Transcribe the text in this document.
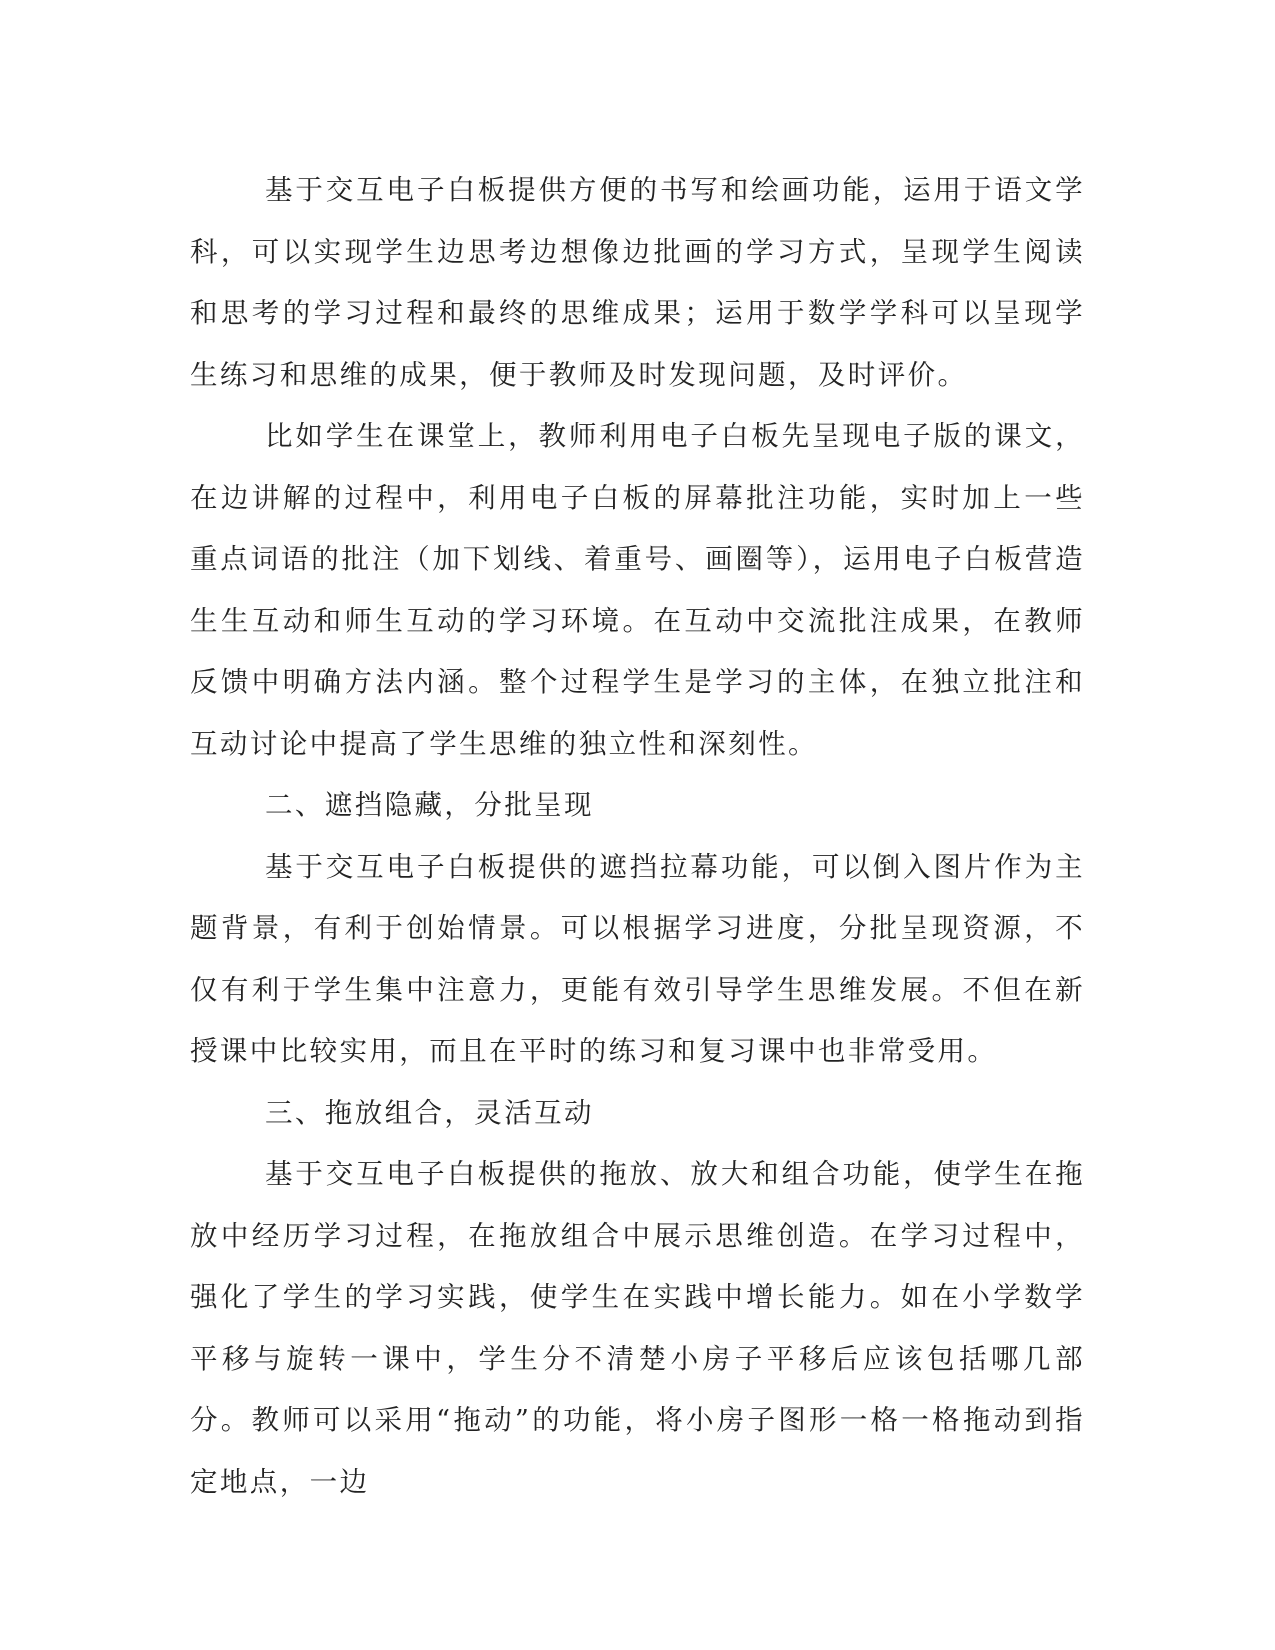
基于交互电子白板提供方便的书写和绘画功能，运用于语文学科，可以实现学生边思考边想像边批画的学习方式，呈现学生阅读和思考的学习过程和最终的思维成果；运用于数学学科可以呈现学生练习和思维的成果，便于教师及时发现问题，及时评价。

比如学生在课堂上，教师利用电子白板先呈现电子版的课文，在边讲解的过程中，利用电子白板的屏幕批注功能，实时加上一些重点词语的批注（加下划线、着重号、画圈等），运用电子白板营造生生互动和师生互动的学习环境。在互动中交流批注成果，在教师反馈中明确方法内涵。整个过程学生是学习的主体，在独立批注和互动讨论中提高了学生思维的独立性和深刻性。

二、遮挡隐藏，分批呈现

基于交互电子白板提供的遮挡拉幕功能，可以倒入图片作为主题背景，有利于创始情景。可以根据学习进度，分批呈现资源，不仅有利于学生集中注意力，更能有效引导学生思维发展。不但在新授课中比较实用，而且在平时的练习和复习课中也非常受用。

三、拖放组合，灵活互动

基于交互电子白板提供的拖放、放大和组合功能，使学生在拖放中经历学习过程，在拖放组合中展示思维创造。在学习过程中，强化了学生的学习实践，使学生在实践中增长能力。如在小学数学平移与旋转一课中，学生分不清楚小房子平移后应该包括哪几部分。教师可以采用“拖动”的功能，将小房子图形一格一格拖动到指定地点，一边
